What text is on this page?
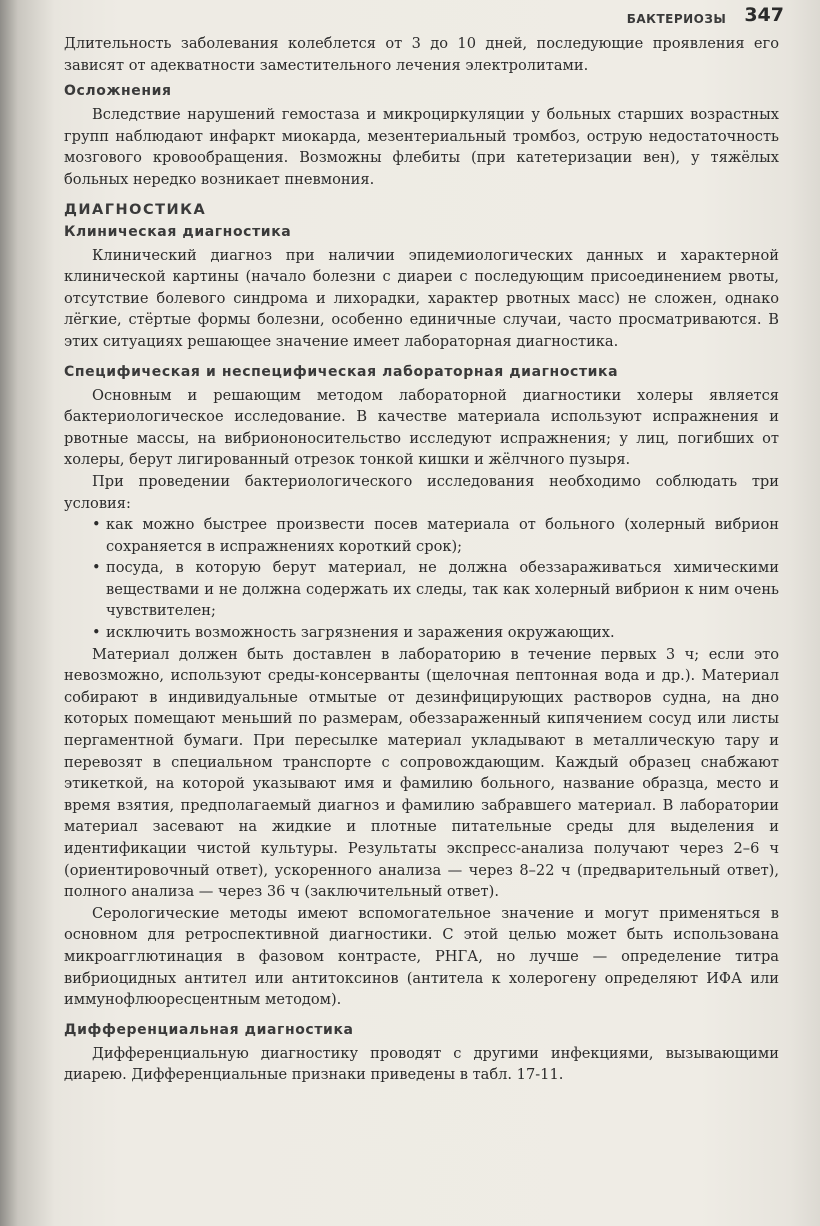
БАКТЕРИОЗЫ 347

Длительность заболевания колеблется от 3 до 10 дней, последующие проявления его зависят от адекватности заместительного лечения электролитами.

Осложнения

Вследствие нарушений гемостаза и микроциркуляции у больных старших возрастных групп наблюдают инфаркт миокарда, мезентериальный тромбоз, острую недостаточность мозгового кровообращения. Возможны флебиты (при катетеризации вен), у тяжёлых больных нередко возникает пневмония.

ДИАГНОСТИКА
Клиническая диагностика

Клинический диагноз при наличии эпидемиологических данных и характерной клинической картины (начало болезни с диареи с последующим присоединением рвоты, отсутствие болевого синдрома и лихорадки, характер рвотных масс) не сложен, однако лёгкие, стёртые формы болезни, особенно единичные случаи, часто просматриваются. В этих ситуациях решающее значение имеет лабораторная диагностика.

Специфическая и неспецифическая лабораторная диагностика

Основным и решающим методом лабораторной диагностики холеры является бактериологическое исследование. В качестве материала используют испражнения и рвотные массы, на вибриононосительство исследуют испражнения; у лиц, погибших от холеры, берут лигированный отрезок тонкой кишки и жёлчного пузыря.

При проведении бактериологического исследования необходимо соблюдать три условия:

• как можно быстрее произвести посев материала от больного (холерный вибрион сохраняется в испражнениях короткий срок);
• посуда, в которую берут материал, не должна обеззараживаться химическими веществами и не должна содержать их следы, так как холерный вибрион к ним очень чувствителен;
• исключить возможность загрязнения и заражения окружающих.

Материал должен быть доставлен в лабораторию в течение первых 3 ч; если это невозможно, используют среды-консерванты (щелочная пептонная вода и др.). Материал собирают в индивидуальные отмытые от дезинфицирующих растворов судна, на дно которых помещают меньший по размерам, обеззараженный кипячением сосуд или листы пергаментной бумаги. При пересылке материал укладывают в металлическую тару и перевозят в специальном транспорте с сопровождающим. Каждый образец снабжают этикеткой, на которой указывают имя и фамилию больного, название образца, место и время взятия, предполагаемый диагноз и фамилию забравшего материал. В лаборатории материал засевают на жидкие и плотные питательные среды для выделения и идентификации чистой культуры. Результаты экспресс-анализа получают через 2–6 ч (ориентировочный ответ), ускоренного анализа — через 8–22 ч (предварительный ответ), полного анализа — через 36 ч (заключительный ответ).

Серологические методы имеют вспомогательное значение и могут применяться в основном для ретроспективной диагностики. С этой целью может быть использована микроагглютинация в фазовом контрасте, РНГА, но лучше — определение титра вибриоцидных антител или антитоксинов (антитела к холерогену определяют ИФА или иммунофлюоресцентным методом).

Дифференциальная диагностика

Дифференциальную диагностику проводят с другими инфекциями, вызывающими диарею. Дифференциальные признаки приведены в табл. 17-11.
